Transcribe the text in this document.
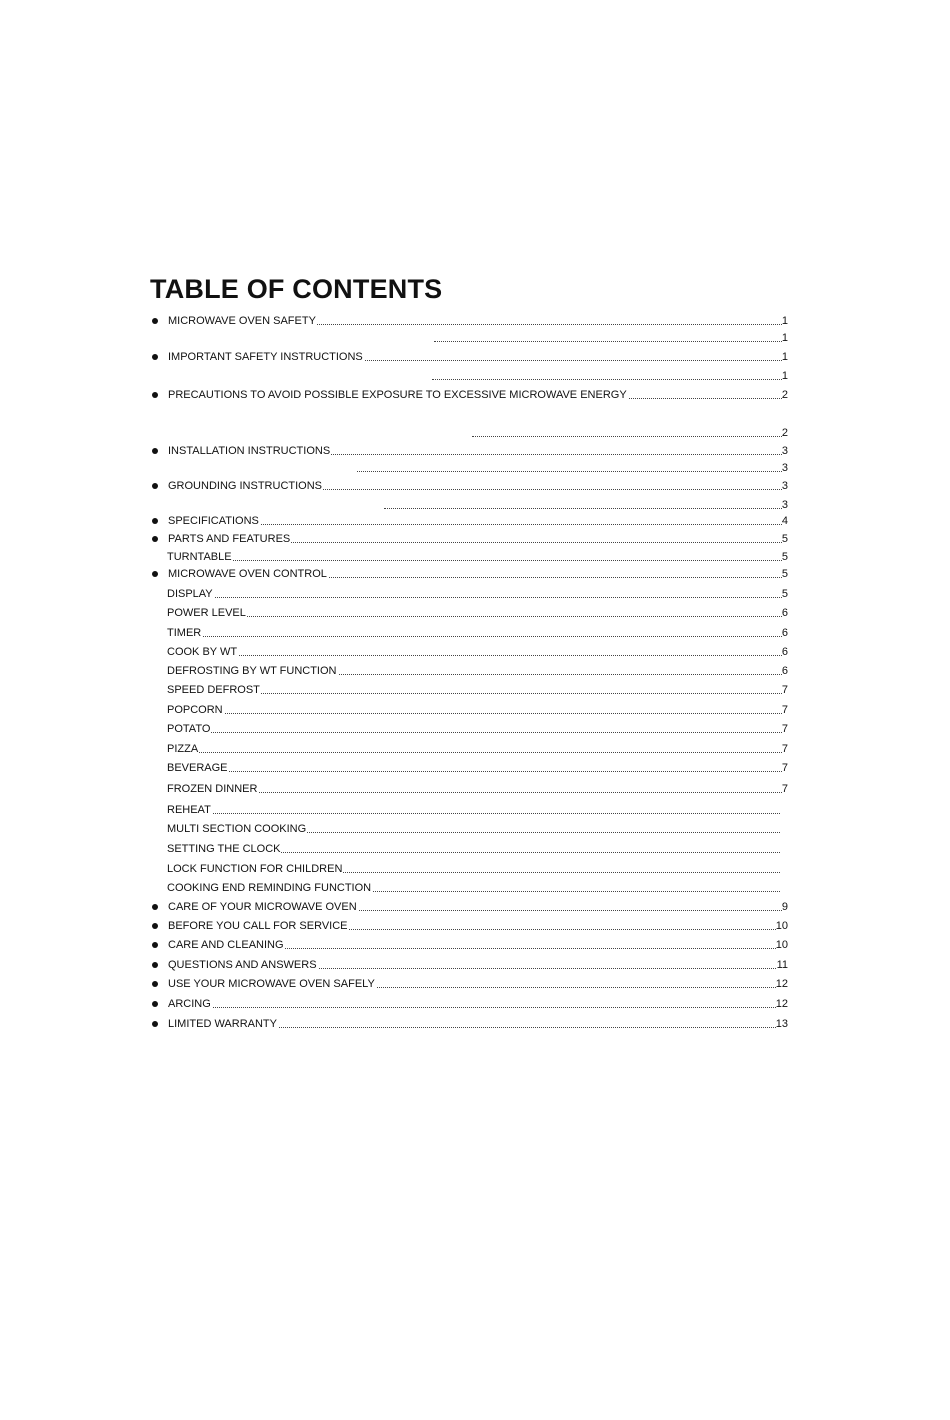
TABLE OF CONTENTS
MICROWAVE OVEN SAFETY	1
1
IMPORTANT SAFETY INSTRUCTIONS	1
1
PRECAUTIONS TO AVOID POSSIBLE EXPOSURE TO EXCESSIVE MICROWAVE ENERGY	2
2
INSTALLATION INSTRUCTIONS	3
3
GROUNDING INSTRUCTIONS	3
3
SPECIFICATIONS	4
PARTS AND FEATURES	5
TURNTABLE	5
MICROWAVE OVEN CONTROL	5
DISPLAY	5
POWER LEVEL	6
TIMER	6
COOK BY WT	6
DEFROSTING BY WT FUNCTION	6
SPEED DEFROST	7
POPCORN	7
POTATO	7
PIZZA	7
BEVERAGE	7
FROZEN DINNER	7
REHEAT
MULTI SECTION COOKING
SETTING THE CLOCK
LOCK FUNCTION FOR CHILDREN
COOKING END REMINDING FUNCTION
CARE OF YOUR MICROWAVE OVEN	9
BEFORE YOU CALL FOR SERVICE	10
CARE AND CLEANING	10
QUESTIONS AND ANSWERS	11
USE YOUR MICROWAVE OVEN SAFELY	12
ARCING	12
LIMITED WARRANTY	13
